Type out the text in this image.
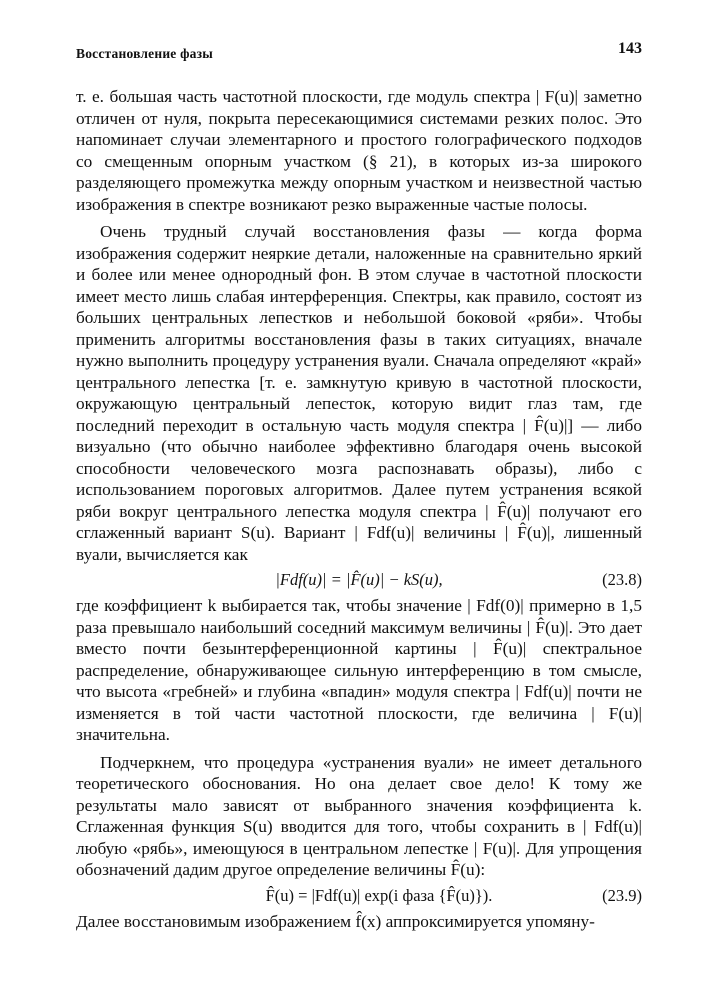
Восстановление фазы	143

т. е. большая часть частотной плоскости, где модуль спектра | F(u)| заметно отличен от нуля, покрыта пересекающимися системами резких полос. Это напоминает случаи элементарного и простого голографического подходов со смещенным опорным участком (§ 21), в которых из-за широкого разделяющего промежутка между опорным участком и неизвестной частью изображения в спектре возникают резко выраженные частые полосы.

Очень трудный случай восстановления фазы — когда форма изображения содержит неяркие детали, наложенные на сравнительно яркий и более или менее однородный фон. В этом случае в частотной плоскости имеет место лишь слабая интерференция. Спектры, как правило, состоят из больших центральных лепестков и небольшой боковой «ряби». Чтобы применить алгоритмы восстановления фазы в таких ситуациях, вначале нужно выполнить процедуру устранения вуали. Сначала определяют «край» центрального лепестка [т. е. замкнутую кривую в частотной плоскости, окружающую центральный лепесток, которую видит глаз там, где последний переходит в остальную часть модуля спектра | F̂(u)|] — либо визуально (что обычно наиболее эффективно благодаря очень высокой способности человеческого мозга распознавать образы), либо с использованием пороговых алгоритмов. Далее путем устранения всякой ряби вокруг центрального лепестка модуля спектра | F̂(u)| получают его сглаженный вариант S(u). Вариант | Fdf(u)| величины | F̂(u)|, лишенный вуали, вычисляется как

|Fdf(u)| = |F̂(u)| − kS(u),	(23.8)

где коэффициент k выбирается так, чтобы значение | Fdf(0)| примерно в 1,5 раза превышало наибольший соседний максимум величины | F̂(u)|. Это дает вместо почти безынтерференционной картины | F̂(u)| спектральное распределение, обнаруживающее сильную интерференцию в том смысле, что высота «гребней» и глубина «впадин» модуля спектра | Fdf(u)| почти не изменяется в той части частотной плоскости, где величина | F(u)| значительна.

Подчеркнем, что процедура «устранения вуали» не имеет детального теоретического обоснования. Но она делает свое дело! К тому же результаты мало зависят от выбранного значения коэффициента k. Сглаженная функция S(u) вводится для того, чтобы сохранить в | Fdf(u)| любую «рябь», имеющуюся в центральном лепестке | F(u)|. Для упрощения обозначений дадим другое определение величины F̂(u):

F̂(u) = |Fdf(u)| exp(i фаза {F̂(u)}).	(23.9)

Далее восстановимым изображением f̂(x) аппроксимируется упомяну-
